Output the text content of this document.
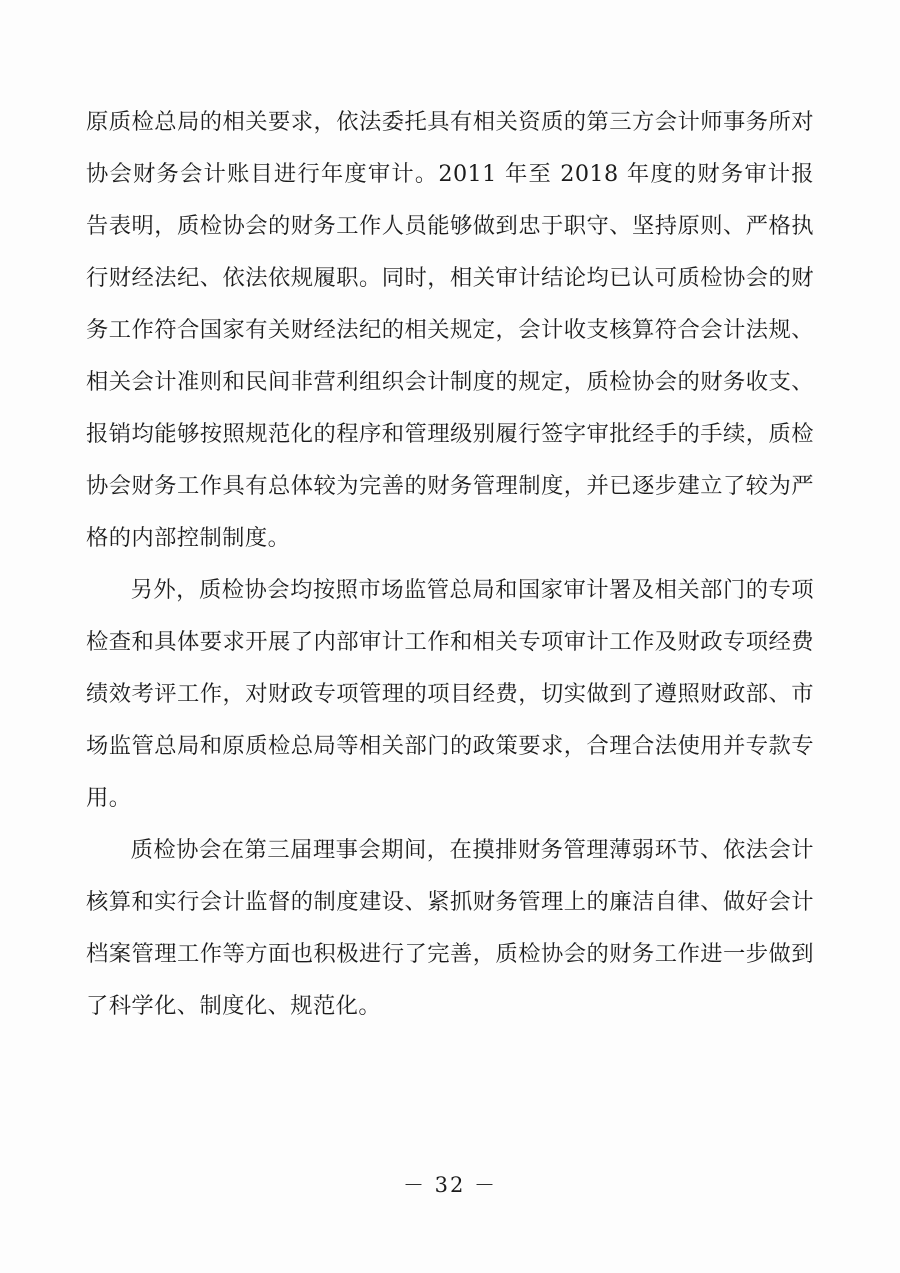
原质检总局的相关要求，依法委托具有相关资质的第三方会计师事务所对协会财务会计账目进行年度审计。2011 年至 2018 年度的财务审计报告表明，质检协会的财务工作人员能够做到忠于职守、坚持原则、严格执行财经法纪、依法依规履职。同时，相关审计结论均已认可质检协会的财务工作符合国家有关财经法纪的相关规定，会计收支核算符合会计法规、相关会计准则和民间非营利组织会计制度的规定，质检协会的财务收支、报销均能够按照规范化的程序和管理级别履行签字审批经手的手续，质检协会财务工作具有总体较为完善的财务管理制度，并已逐步建立了较为严格的内部控制制度。

另外，质检协会均按照市场监管总局和国家审计署及相关部门的专项检查和具体要求开展了内部审计工作和相关专项审计工作及财政专项经费绩效考评工作，对财政专项管理的项目经费，切实做到了遵照财政部、市场监管总局和原质检总局等相关部门的政策要求，合理合法使用并专款专用。

质检协会在第三届理事会期间，在摸排财务管理薄弱环节、依法会计核算和实行会计监督的制度建设、紧抓财务管理上的廉洁自律、做好会计档案管理工作等方面也积极进行了完善，质检协会的财务工作进一步做到了科学化、制度化、规范化。

－ 32 －
